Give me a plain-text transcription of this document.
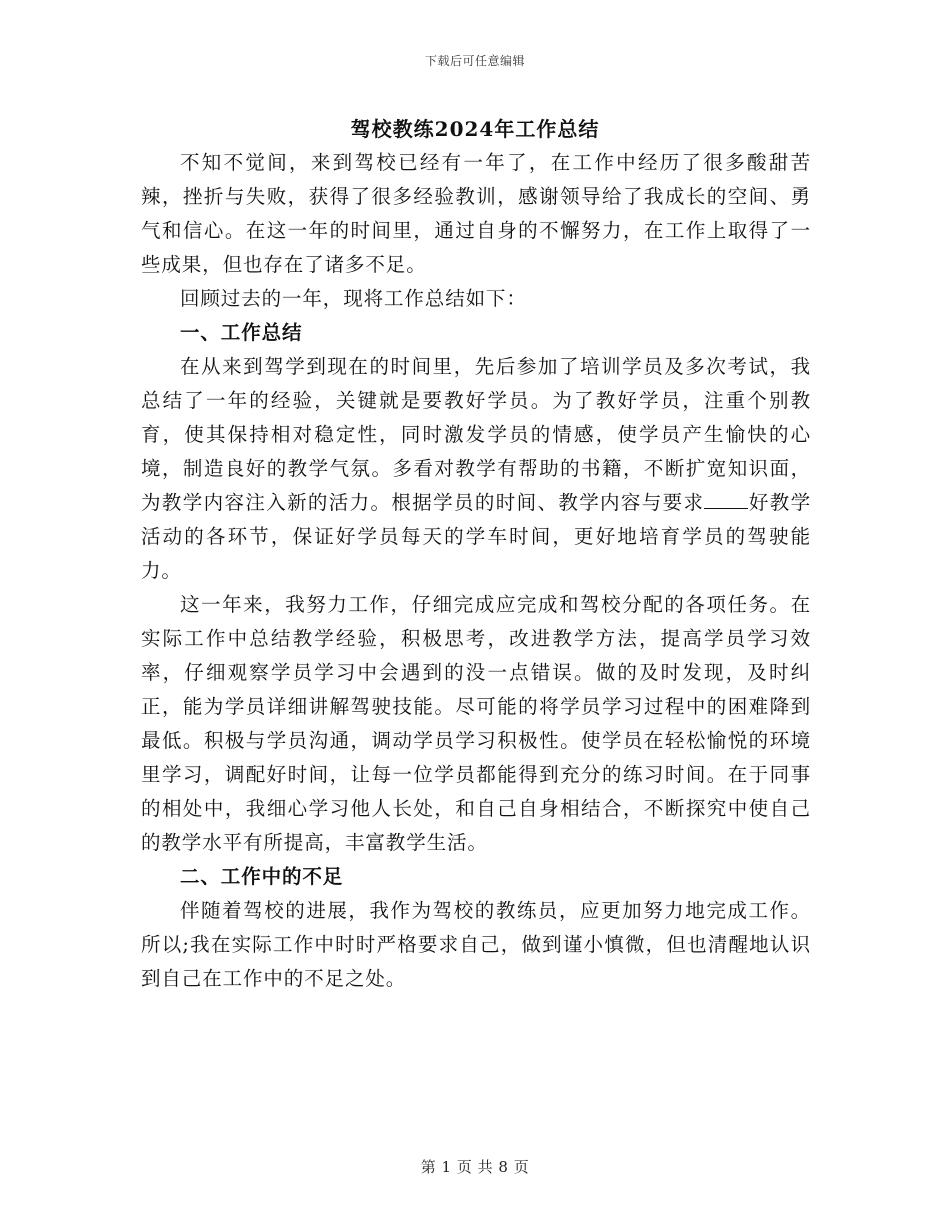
下载后可任意编辑
驾校教练2024年工作总结

不知不觉间，来到驾校已经有一年了，在工作中经历了很多酸甜苦辣，挫折与失败，获得了很多经验教训，感谢领导给了我成长的空间、勇气和信心。在这一年的时间里，通过自身的不懈努力，在工作上取得了一些成果，但也存在了诸多不足。

回顾过去的一年，现将工作总结如下：

一、工作总结

在从来到驾学到现在的时间里，先后参加了培训学员及多次考试，我总结了一年的经验，关键就是要教好学员。为了教好学员，注重个别教育，使其保持相对稳定性，同时激发学员的情感，使学员产生愉快的心境，制造良好的教学气氛。多看对教学有帮助的书籍，不断扩宽知识面，为教学内容注入新的活力。根据学员的时间、教学内容与要求 好教学活动的各环节，保证好学员每天的学车时间，更好地培育学员的驾驶能力。

这一年来，我努力工作，仔细完成应完成和驾校分配的各项任务。在实际工作中总结教学经验，积极思考，改进教学方法，提高学员学习效率，仔细观察学员学习中会遇到的没一点错误。做的及时发现，及时纠正，能为学员详细讲解驾驶技能。尽可能的将学员学习过程中的困难降到最低。积极与学员沟通，调动学员学习积极性。使学员在轻松愉悦的环境里学习，调配好时间，让每一位学员都能得到充分的练习时间。在于同事的相处中，我细心学习他人长处，和自己自身相结合，不断探究中使自己的教学水平有所提高，丰富教学生活。

二、工作中的不足

伴随着驾校的进展，我作为驾校的教练员，应更加努力地完成工作。所以;我在实际工作中时时严格要求自己，做到谨小慎微，但也清醒地认识到自己在工作中的不足之处。

第 1 页 共 8 页
